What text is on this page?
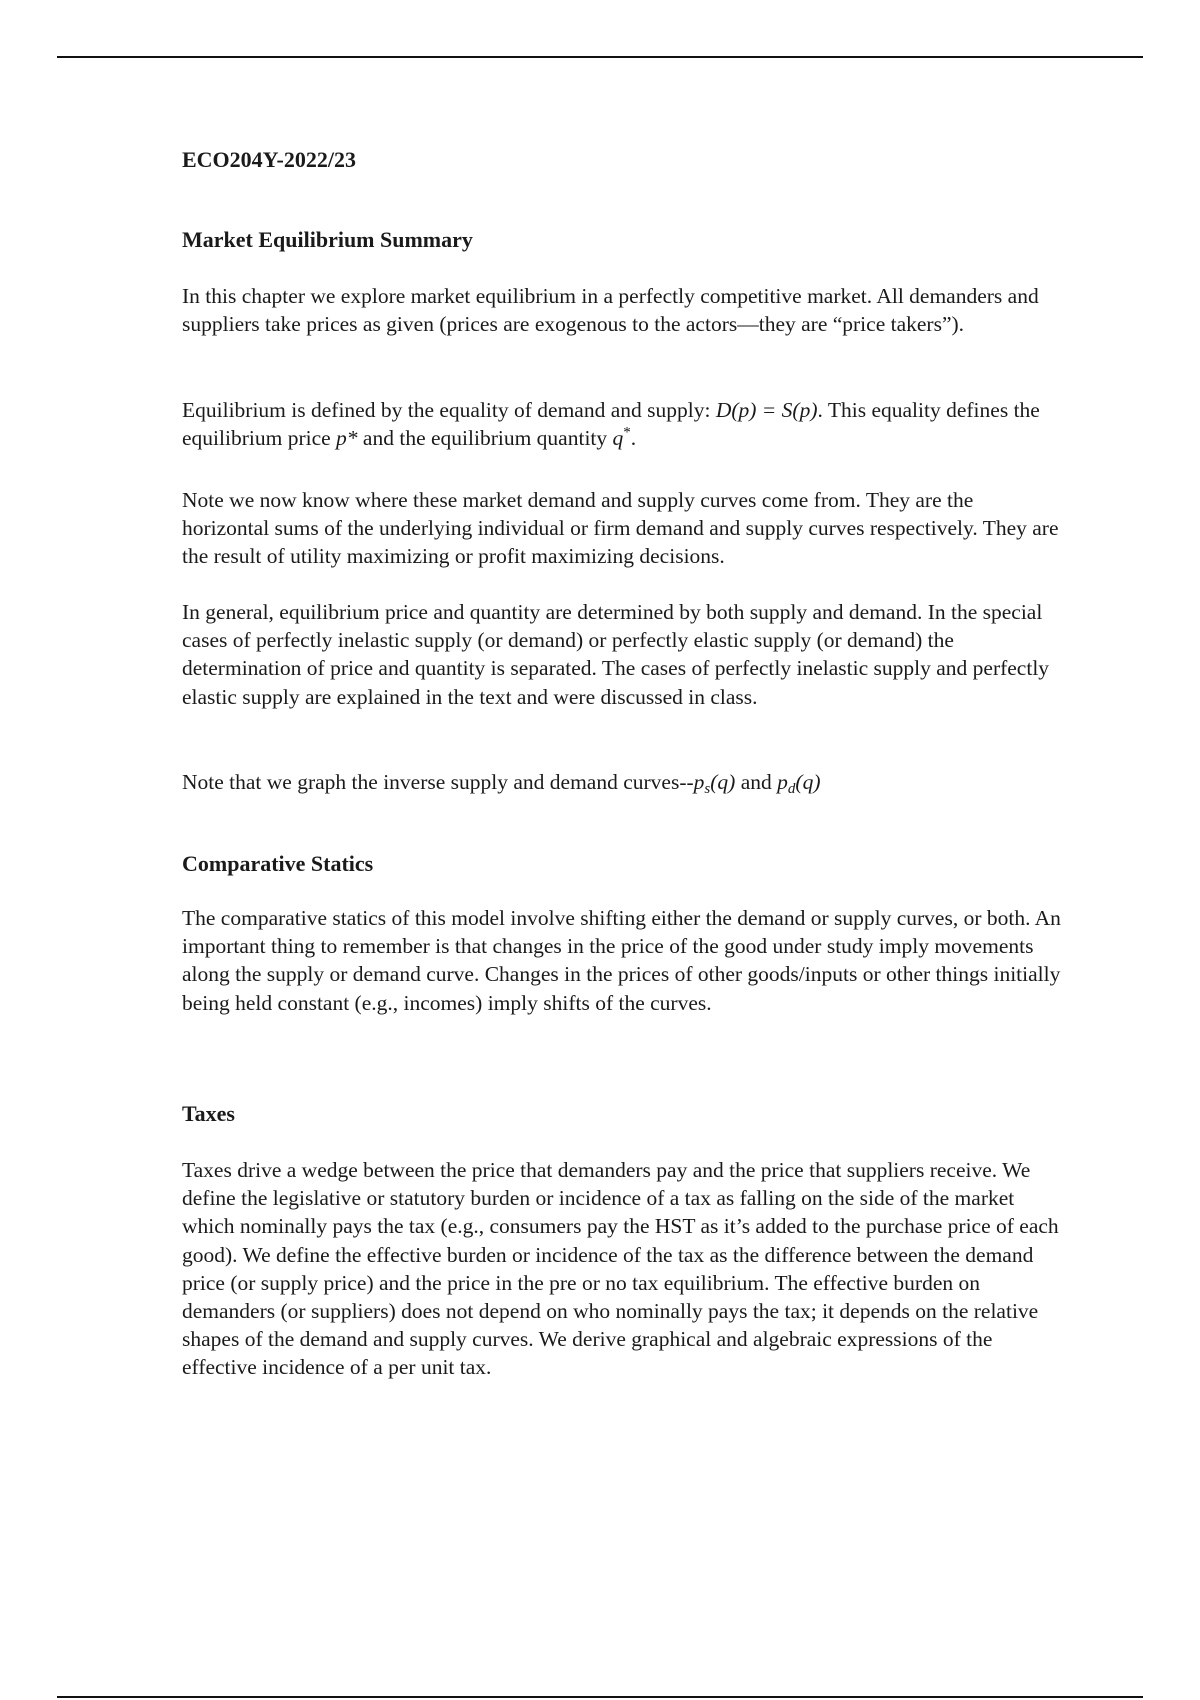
ECO204Y-2022/23
Market Equilibrium Summary

In this chapter we explore market equilibrium in a perfectly competitive market. All demanders and suppliers take prices as given (prices are exogenous to the actors—they are “price takers”).

Equilibrium is defined by the equality of demand and supply: D(p) = S(p). This equality defines the equilibrium price p* and the equilibrium quantity q*.

Note we now know where these market demand and supply curves come from. They are the horizontal sums of the underlying individual or firm demand and supply curves respectively. They are the result of utility maximizing or profit maximizing decisions.

In general, equilibrium price and quantity are determined by both supply and demand. In the special cases of perfectly inelastic supply (or demand) or perfectly elastic supply (or demand) the determination of price and quantity is separated. The cases of perfectly inelastic supply and perfectly elastic supply are explained in the text and were discussed in class.

Note that we graph the inverse supply and demand curves-$-p_s(q)$ and $p_d(q)$

Comparative Statics

The comparative statics of this model involve shifting either the demand or supply curves, or both. An important thing to remember is that changes in the price of the good under study imply movements along the supply or demand curve. Changes in the prices of other goods/inputs or other things initially being held constant (e.g., incomes) imply shifts of the curves.

Taxes

Taxes drive a wedge between the price that demanders pay and the price that suppliers receive. We define the legislative or statutory burden or incidence of a tax as falling on the side of the market which nominally pays the tax (e.g., consumers pay the HST as it’s added to the purchase price of each good). We define the effective burden or incidence of the tax as the difference between the demand price (or supply price) and the price in the pre or no tax equilibrium. The effective burden on demanders (or suppliers) does not depend on who nominally pays the tax; it depends on the relative shapes of the demand and supply curves. We derive graphical and algebraic expressions of the effective incidence of a per unit tax.
